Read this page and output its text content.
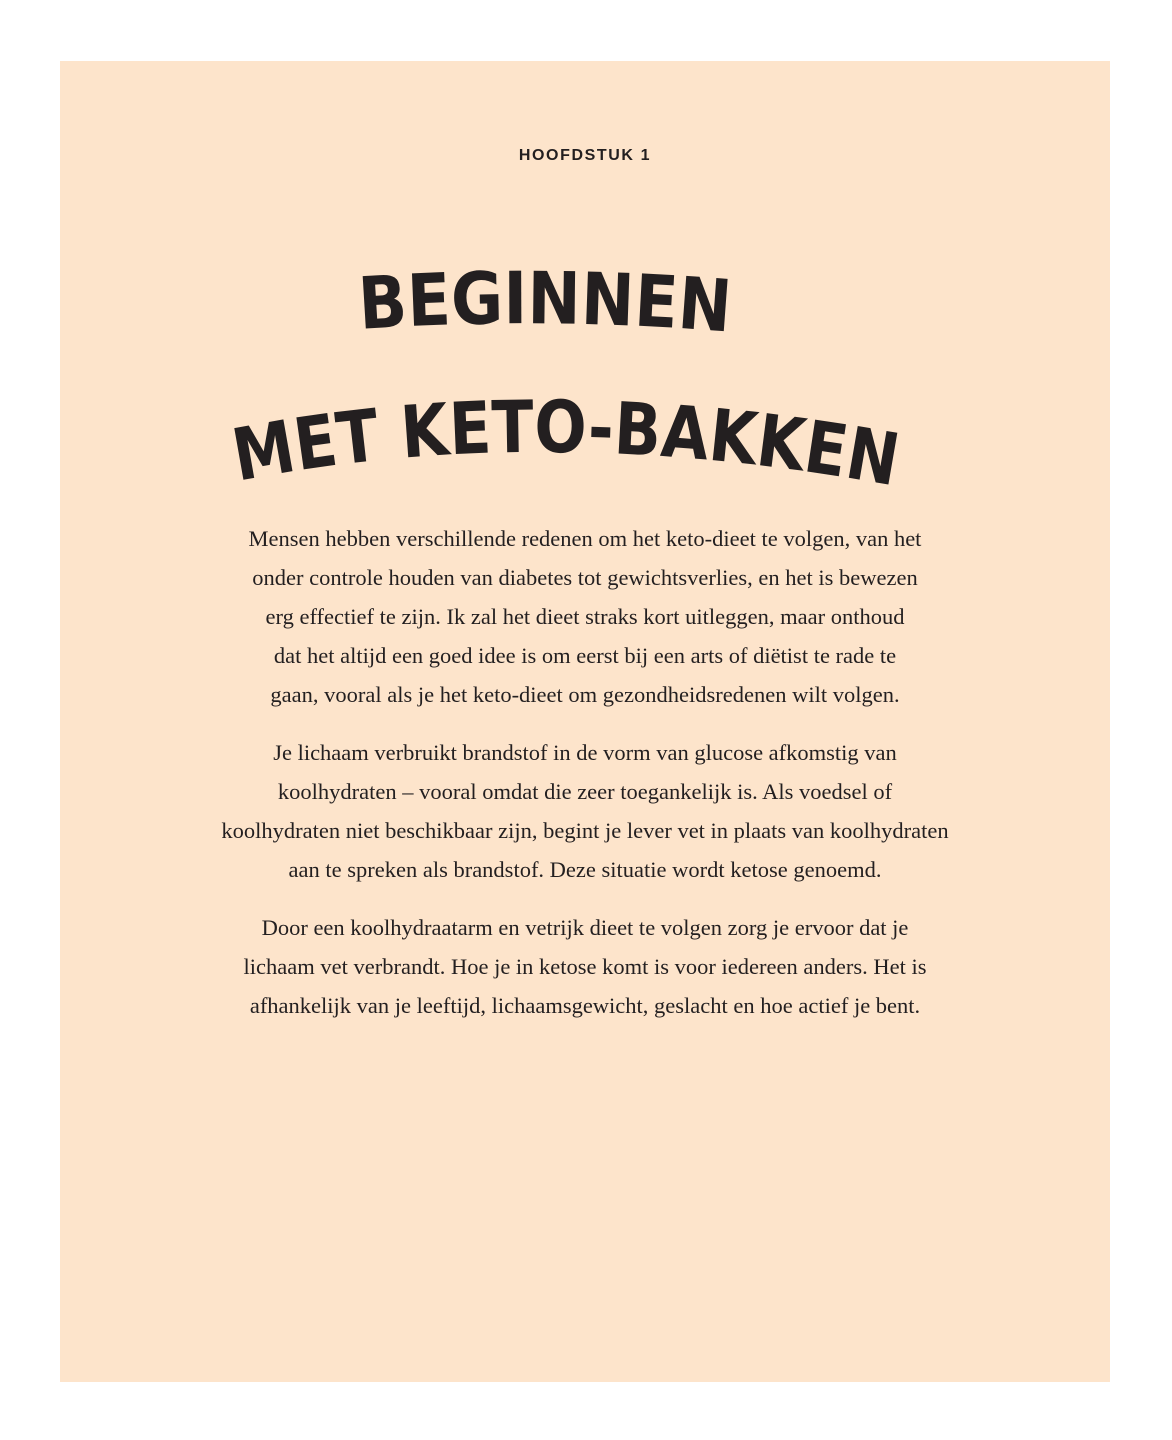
HOOFDSTUK 1
BEGINNEN
MET KETO-BAKKEN

Mensen hebben verschillende redenen om het keto-dieet te volgen, van het
onder controle houden van diabetes tot gewichtsverlies, en het is bewezen
erg effectief te zijn. Ik zal het dieet straks kort uitleggen, maar onthoud
dat het altijd een goed idee is om eerst bij een arts of diëtist te rade te
gaan, vooral als je het keto-dieet om gezondheidsredenen wilt volgen.

Je lichaam verbruikt brandstof in de vorm van glucose afkomstig van
koolhydraten – vooral omdat die zeer toegankelijk is. Als voedsel of
koolhydraten niet beschikbaar zijn, begint je lever vet in plaats van koolhydraten
aan te spreken als brandstof. Deze situatie wordt ketose genoemd.

Door een koolhydraatarm en vetrijk dieet te volgen zorg je ervoor dat je
lichaam vet verbrandt. Hoe je in ketose komt is voor iedereen anders. Het is
afhankelijk van je leeftijd, lichaamsgewicht, geslacht en hoe actief je bent.
